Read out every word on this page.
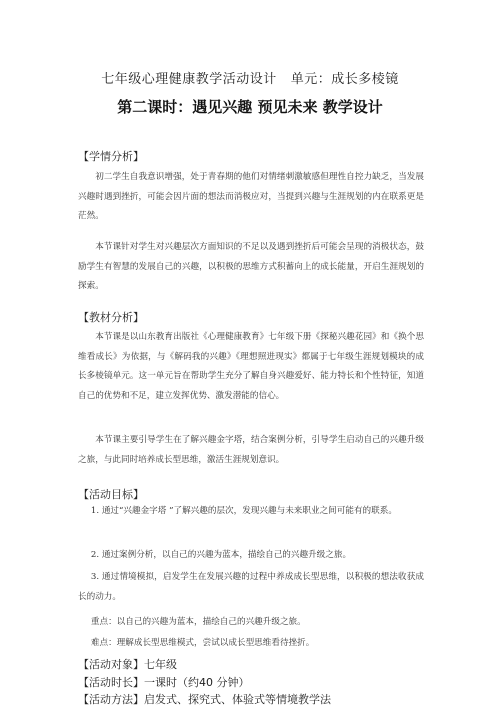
七年级心理健康教学活动设计 单元：成长多棱镜
第二课时：遇见兴趣 预见未来 教学设计
【学情分析】
初二学生自我意识增强，处于青春期的他们对情绪刺激敏感但理性自控力缺乏，当发展兴趣时遇到挫折，可能会因片面的想法而消极应对，当提到兴趣与生涯规划的内在联系更是茫然。
本节课针对学生对兴趣层次方面知识的不足以及遇到挫折后可能会呈现的消极状态，鼓励学生有智慧的发展自己的兴趣，以积极的思维方式积蓄向上的成长能量，开启生涯规划的探索。
【教材分析】
本节课是以山东教育出版社《心理健康教育》七年级下册《探秘兴趣花园》和《换个思维看成长》为依据，与《解码我的兴趣》《理想照进现实》都属于七年级生涯规划模块的成长多棱镜单元。这一单元旨在帮助学生充分了解自身兴趣爱好、能力特长和个性特征，知道自己的优势和不足，建立发挥优势、激发潜能的信心。
本节课主要引导学生在了解兴趣金字塔，结合案例分析，引导学生启动自己的兴趣升级之旅，与此同时培养成长型思维，激活生涯规划意识。
【活动目标】
1. 通过“兴趣金字塔 ”了解兴趣的层次，发现兴趣与未来职业之间可能有的联系。
2. 通过案例分析，以自己的兴趣为蓝本，描绘自己的兴趣升级之旅。
3. 通过情境模拟，启发学生在发展兴趣的过程中养成成长型思维，以积极的想法收获成长的动力。
重点：以自己的兴趣为蓝本，描绘自己的兴趣升级之旅。
难点：理解成长型思维模式，尝试以成长型思维看待挫折。
【活动对象】七年级
【活动时长】一课时（约40 分钟）
【活动方法】启发式、探究式、体验式等情境教学法
